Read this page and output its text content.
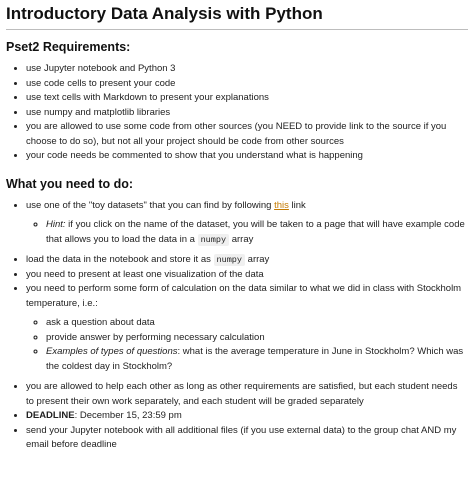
Introductory Data Analysis with Python
Pset2 Requirements:
• use Jupyter notebook and Python 3
• use code cells to present your code
• use text cells with Markdown to present your explanations
• use numpy and matplotlib libraries
• you are allowed to use some code from other sources (you NEED to provide link to the source if you choose to do so), but not all your project should be code from other sources
• your code needs be commented to show that you understand what is happening
What you need to do:
• use one of the "toy datasets" that you can find by following this link
◦ Hint: if you click on the name of the dataset, you will be taken to a page that will have example code that allows you to load the data in a numpy array
• load the data in the notebook and store it as numpy array
• you need to present at least one visualization of the data
• you need to perform some form of calculation on the data similar to what we did in class with Stockholm temperature, i.e.:
◦ ask a question about data
◦ provide answer by performing necessary calculation
◦ Examples of types of questions: what is the average temperature in June in Stockholm? Which was the coldest day in Stockholm?
• you are allowed to help each other as long as other requirements are satisfied, but each student needs to present their own work separately, and each student will be graded separately
• DEADLINE: December 15, 23:59 pm
• send your Jupyter notebook with all additional files (if you use external data) to the group chat AND my email before deadline
